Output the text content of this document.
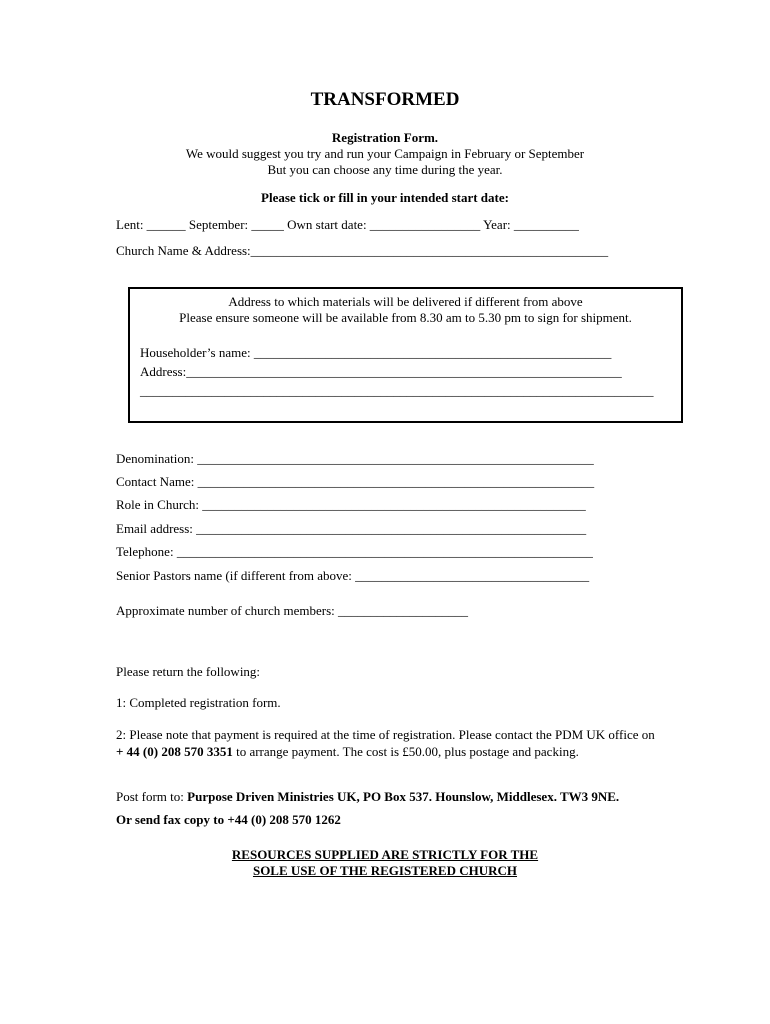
TRANSFORMED
Registration Form.
We would suggest you try and run your Campaign in February or September
But you can choose any time during the year.
Please tick or fill in your intended start date:
Lent: ______ September: _____ Own start date: _________________ Year: __________
Church Name & Address:_______________________________________________________
Address to which materials will be delivered if different from above
Please ensure someone will be available from 8.30 am to 5.30 pm to sign for shipment.
Householder’s name: _______________________________________________________
Address:___________________________________________________________________
_______________________________________________________________________________
Denomination: _____________________________________________________________
Contact Name: _____________________________________________________________
Role in Church: ___________________________________________________________
Email address: ____________________________________________________________
Telephone: ________________________________________________________________
Senior Pastors name (if different from above: ____________________________________
Approximate number of church members: ____________________
Please return the following:
1: Completed registration form.
2: Please note that payment is required at the time of registration. Please contact the PDM UK office on + 44 (0) 208 570 3351 to arrange payment. The cost is £50.00, plus postage and packing.
Post form to: Purpose Driven Ministries UK, PO Box 537. Hounslow, Middlesex. TW3 9NE.
Or send fax copy to +44 (0) 208 570 1262
RESOURCES SUPPLIED ARE STRICTLY FOR THE
SOLE USE OF THE REGISTERED CHURCH
